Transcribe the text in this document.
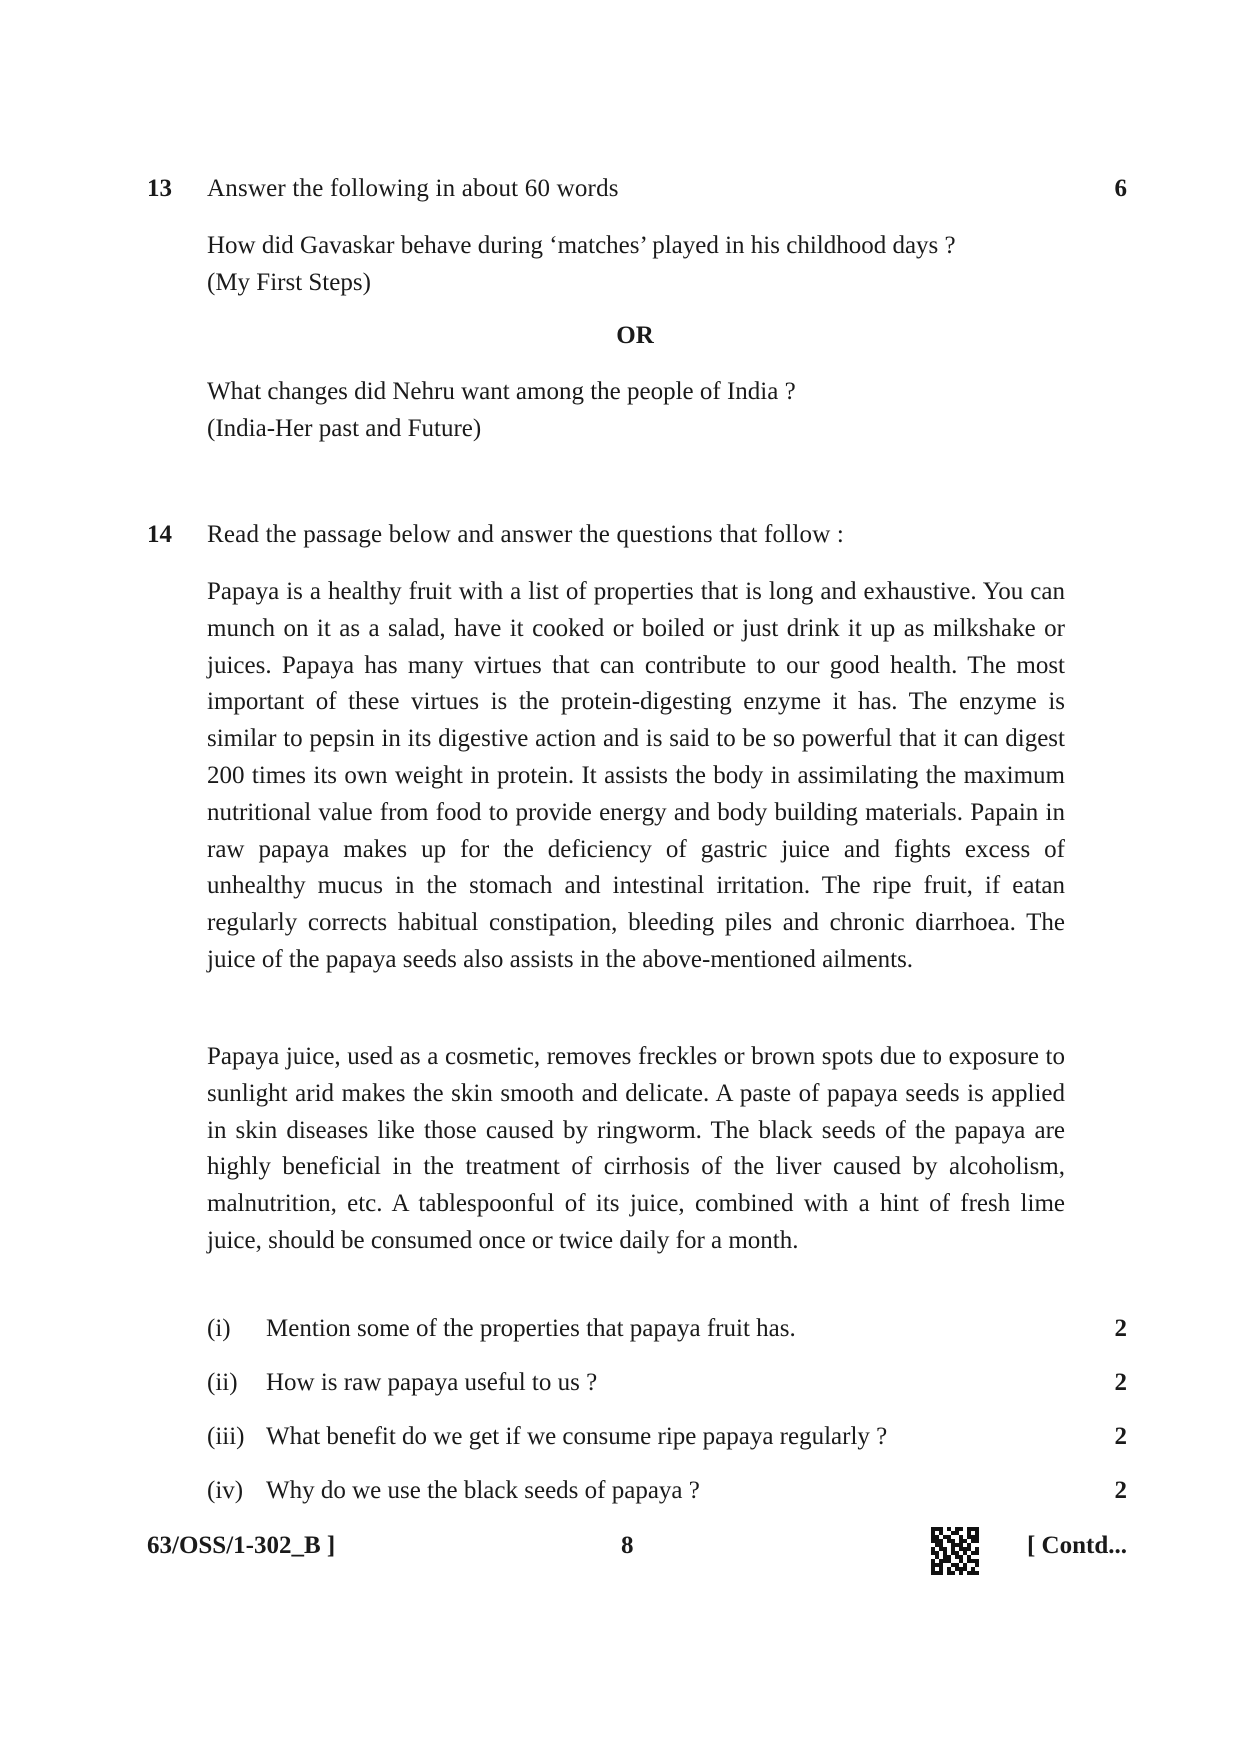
13 Answer the following in about 60 words	6
How did Gavaskar behave during ‘matches’ played in his childhood days ?
(My First Steps)
OR
What changes did Nehru want among the people of India ?
(India-Her past and Future)
14 Read the passage below and answer the questions that follow :
Papaya is a healthy fruit with a list of properties that is long and exhaustive. You can munch on it as a salad, have it cooked or boiled or just drink it up as milkshake or juices. Papaya has many virtues that can contribute to our good health. The most important of these virtues is the protein-digesting enzyme it has. The enzyme is similar to pepsin in its digestive action and is said to be so powerful that it can digest 200 times its own weight in protein. It assists the body in assimilating the maximum nutritional value from food to provide energy and body building materials. Papain in raw papaya makes up for the deficiency of gastric juice and fights excess of unhealthy mucus in the stomach and intestinal irritation. The ripe fruit, if eatan regularly corrects habitual constipation, bleeding piles and chronic diarrhoea. The juice of the papaya seeds also assists in the above-mentioned ailments.
Papaya juice, used as a cosmetic, removes freckles or brown spots due to exposure to sunlight arid makes the skin smooth and delicate. A paste of papaya seeds is applied in skin diseases like those caused by ringworm. The black seeds of the papaya are highly beneficial in the treatment of cirrhosis of the liver caused by alcoholism, malnutrition, etc. A tablespoonful of its juice, combined with a hint of fresh lime juice, should be consumed once or twice daily for a month.
(i) Mention some of the properties that papaya fruit has.	2
(ii) How is raw papaya useful to us ?	2
(iii) What benefit do we get if we consume ripe papaya regularly ?	2
(iv) Why do we use the black seeds of papaya ?	2
63/OSS/1-302_B ]	8	[ Contd...
